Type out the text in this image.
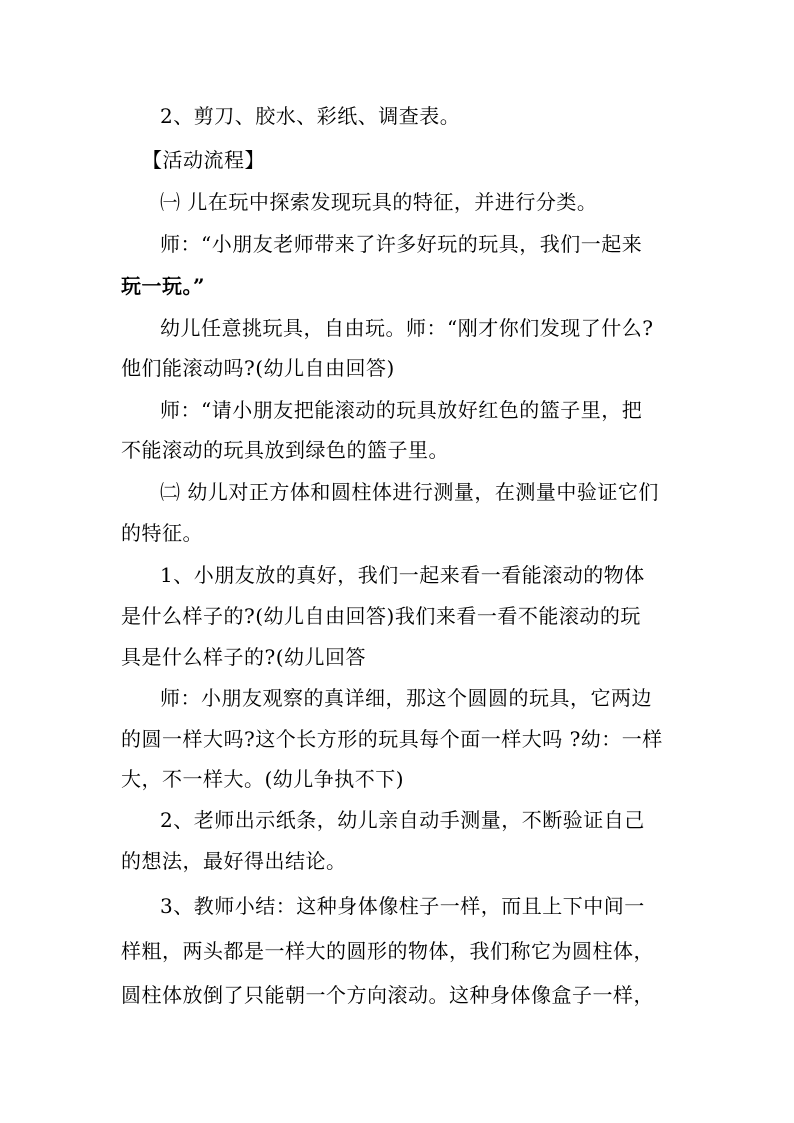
2、剪刀、胶水、彩纸、调查表。
【活动流程】
㈠ 儿在玩中探索发现玩具的特征，并进行分类。
师：“小朋友老师带来了许多好玩的玩具，我们一起来
玩一玩。”
幼儿任意挑玩具，自由玩。师：“刚才你们发现了什么?
他们能滚动吗?(幼儿自由回答)
师：“请小朋友把能滚动的玩具放好红色的篮子里，把
不能滚动的玩具放到绿色的篮子里。
㈡ 幼儿对正方体和圆柱体进行测量，在测量中验证它们
的特征。
1、小朋友放的真好，我们一起来看一看能滚动的物体
是什么样子的?(幼儿自由回答)我们来看一看不能滚动的玩
具是什么样子的?(幼儿回答
师：小朋友观察的真详细，那这个圆圆的玩具，它两边
的圆一样大吗?这个长方形的玩具每个面一样大吗 ?幼：一样
大，不一样大。(幼儿争执不下)
2、老师出示纸条，幼儿亲自动手测量，不断验证自己
的想法，最好得出结论。
3、教师小结：这种身体像柱子一样，而且上下中间一
样粗，两头都是一样大的圆形的物体，我们称它为圆柱体，
圆柱体放倒了只能朝一个方向滚动。这种身体像盒子一样，
